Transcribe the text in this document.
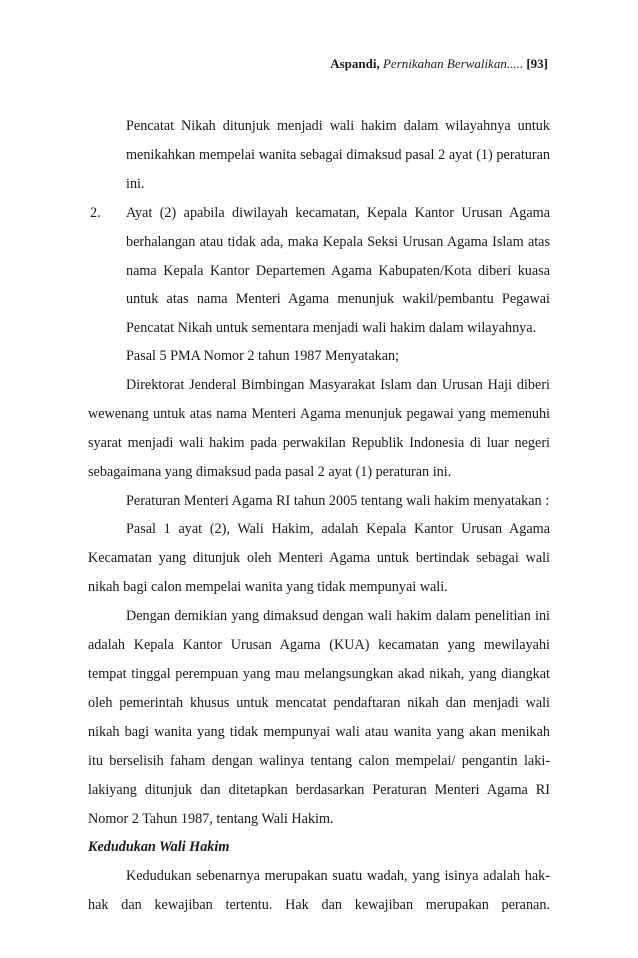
Aspandi, Pernikahan Berwalikan..... [93]

Pencatat Nikah ditunjuk menjadi wali hakim dalam wilayahnya untuk menikahkan mempelai wanita sebagai dimaksud pasal 2 ayat (1) peraturan ini.

2. Ayat (2) apabila diwilayah kecamatan, Kepala Kantor Urusan Agama berhalangan atau tidak ada, maka Kepala Seksi Urusan Agama Islam atas nama Kepala Kantor Departemen Agama Kabupaten/Kota diberi kuasa untuk atas nama Menteri Agama menunjuk wakil/pembantu Pegawai Pencatat Nikah untuk sementara menjadi wali hakim dalam wilayahnya.

Pasal 5 PMA Nomor 2 tahun 1987 Menyatakan;

Direktorat Jenderal Bimbingan Masyarakat Islam dan Urusan Haji diberi wewenang untuk atas nama Menteri Agama menunjuk pegawai yang memenuhi syarat menjadi wali hakim pada perwakilan Republik Indonesia di luar negeri sebagaimana yang dimaksud pada pasal 2 ayat (1) peraturan ini.

Peraturan Menteri Agama RI tahun 2005 tentang wali hakim menyatakan :

Pasal 1 ayat (2), Wali Hakim, adalah Kepala Kantor Urusan Agama Kecamatan yang ditunjuk oleh Menteri Agama untuk bertindak sebagai wali nikah bagi calon mempelai wanita yang tidak mempunyai wali.

Dengan demikian yang dimaksud dengan wali hakim dalam penelitian ini adalah Kepala Kantor Urusan Agama (KUA) kecamatan yang mewilayahi tempat tinggal perempuan yang mau melangsungkan akad nikah, yang diangkat oleh pemerintah khusus untuk mencatat pendaftaran nikah dan menjadi wali nikah bagi wanita yang tidak mempunyai wali atau wanita yang akan menikah itu berselisih faham dengan walinya tentang calon mempelai/ pengantin laki- lakiyang ditunjuk dan ditetapkan berdasarkan Peraturan Menteri Agama RI Nomor 2 Tahun 1987, tentang Wali Hakim.

Kedudukan Wali Hakim

Kedudukan sebenarnya merupakan suatu wadah, yang isinya adalah hak-hak dan kewajiban tertentu. Hak dan kewajiban merupakan peranan.
